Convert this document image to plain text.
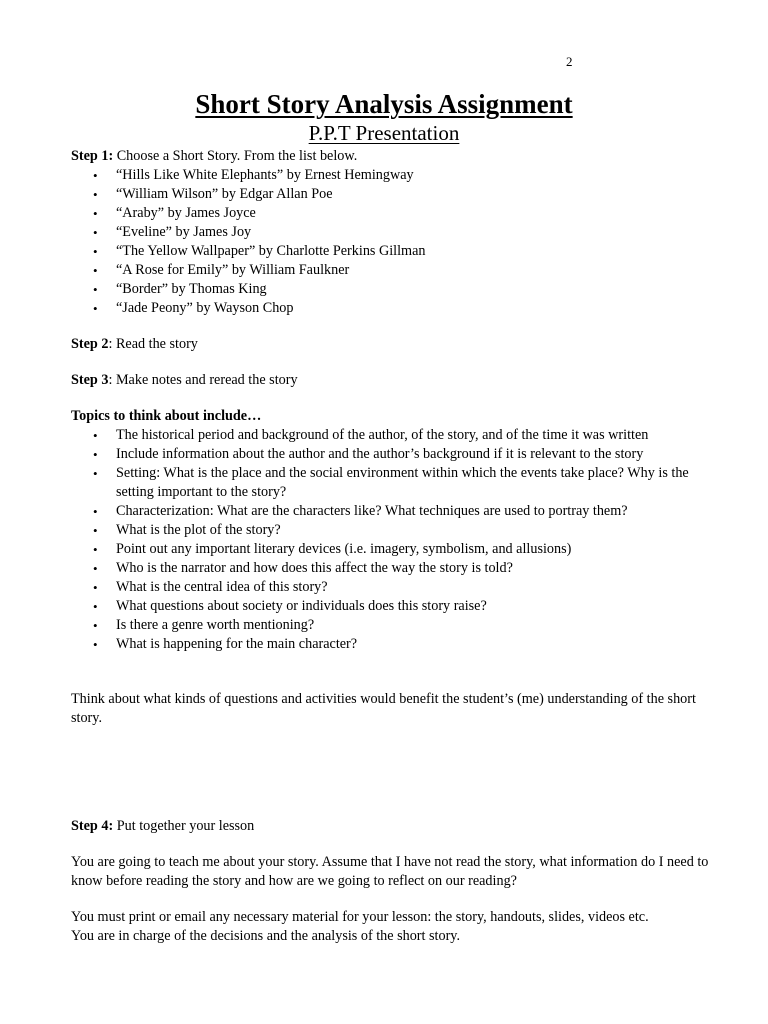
2
Short Story Analysis Assignment
P.P.T Presentation

Step 1: Choose a Short Story. From the list below.

• “Hills Like White Elephants” by Ernest Hemingway
• “William Wilson” by Edgar Allan Poe
• “Araby” by James Joyce
• “Eveline” by James Joy
• “The Yellow Wallpaper” by Charlotte Perkins Gillman
• “A Rose for Emily” by William Faulkner
• “Border” by Thomas King
• “Jade Peony” by Wayson Chop

Step 2: Read the story

Step 3: Make notes and reread the story

Topics to think about include…

• The historical period and background of the author, of the story, and of the time it was written
• Include information about the author and the author’s background if it is relevant to the story
• Setting: What is the place and the social environment within which the events take place? Why is the setting important to the story?
• Characterization: What are the characters like? What techniques are used to portray them?
• What is the plot of the story?
• Point out any important literary devices (i.e. imagery, symbolism, and allusions)
• Who is the narrator and how does this affect the way the story is told?
• What is the central idea of this story?
• What questions about society or individuals does this story raise?
• Is there a genre worth mentioning?
• What is happening for the main character?

Think about what kinds of questions and activities would benefit the student’s (me) understanding of the short story.

Step 4: Put together your lesson

You are going to teach me about your story. Assume that I have not read the story, what information do I need to know before reading the story and how are we going to reflect on our reading?

You must print or email any necessary material for your lesson: the story, handouts, slides, videos etc.

You are in charge of the decisions and the analysis of the short story.
